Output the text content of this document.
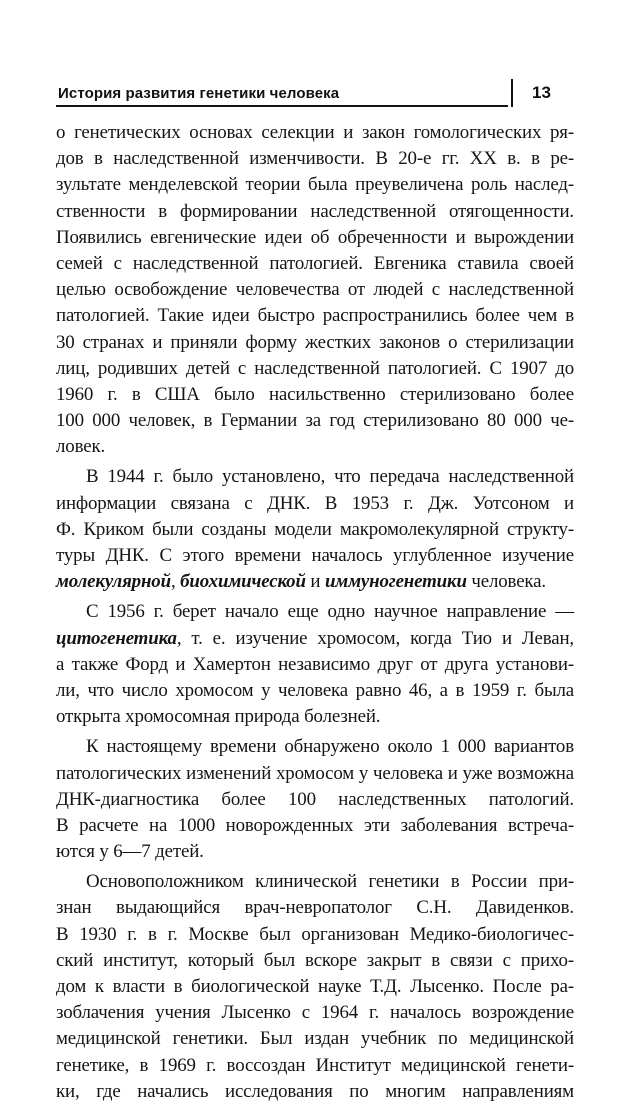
История развития генетики человека	13
о генетических основах селекции и закон гомологических ря-
дов в наследственной изменчивости. В 20-е гг. XX в. в ре-
зультате менделевской теории была преувеличена роль наслед-
ственности в формировании наследственной отягощенности.
Появились евгенические идеи об обреченности и вырождении
семей с наследственной патологией. Евгеника ставила своей
целью освобождение человечества от людей с наследственной
патологией. Такие идеи быстро распространились более чем в
30 странах и приняли форму жестких законов о стерилизации
лиц, родивших детей с наследственной патологией. С 1907 до
1960 г. в США было насильственно стерилизовано более
100 000 человек, в Германии за год стерилизовано 80 000 че-
ловек.
В 1944 г. было установлено, что передача наследственной
информации связана с ДНК. В 1953 г. Дж. Уотсоном и
Ф. Криком были созданы модели макромолекулярной структу-
туры ДНК. С этого времени началось углубленное изучение
молекулярной, биохимической и иммуногенетики человека.
С 1956 г. берет начало еще одно научное направление —
цитогенетика, т. е. изучение хромосом, когда Тио и Леван,
а также Форд и Хамертон независимо друг от друга установи-
ли, что число хромосом у человека равно 46, а в 1959 г. была
открыта хромосомная природа болезней.
К настоящему времени обнаружено около 1 000 вариантов
патологических изменений хромосом у человека и уже возможна
ДНК-диагностика более 100 наследственных патологий.
В расчете на 1000 новорожденных эти заболевания встреча-
ются у 6—7 детей.
Основоположником клинической генетики в России при-
знан выдающийся врач-невропатолог С.Н. Давиденков.
В 1930 г. в г. Москве был организован Медико-биологичес-
ский институт, который был вскоре закрыт в связи с прихо-
дом к власти в биологической науке Т.Д. Лысенко. После ра-
зоблачения учения Лысенко с 1964 г. началось возрождение
медицинской генетики. Был издан учебник по медицинской
генетике, в 1969 г. воссоздан Институт медицинской генети-
ки, где начались исследования по многим направлениям
